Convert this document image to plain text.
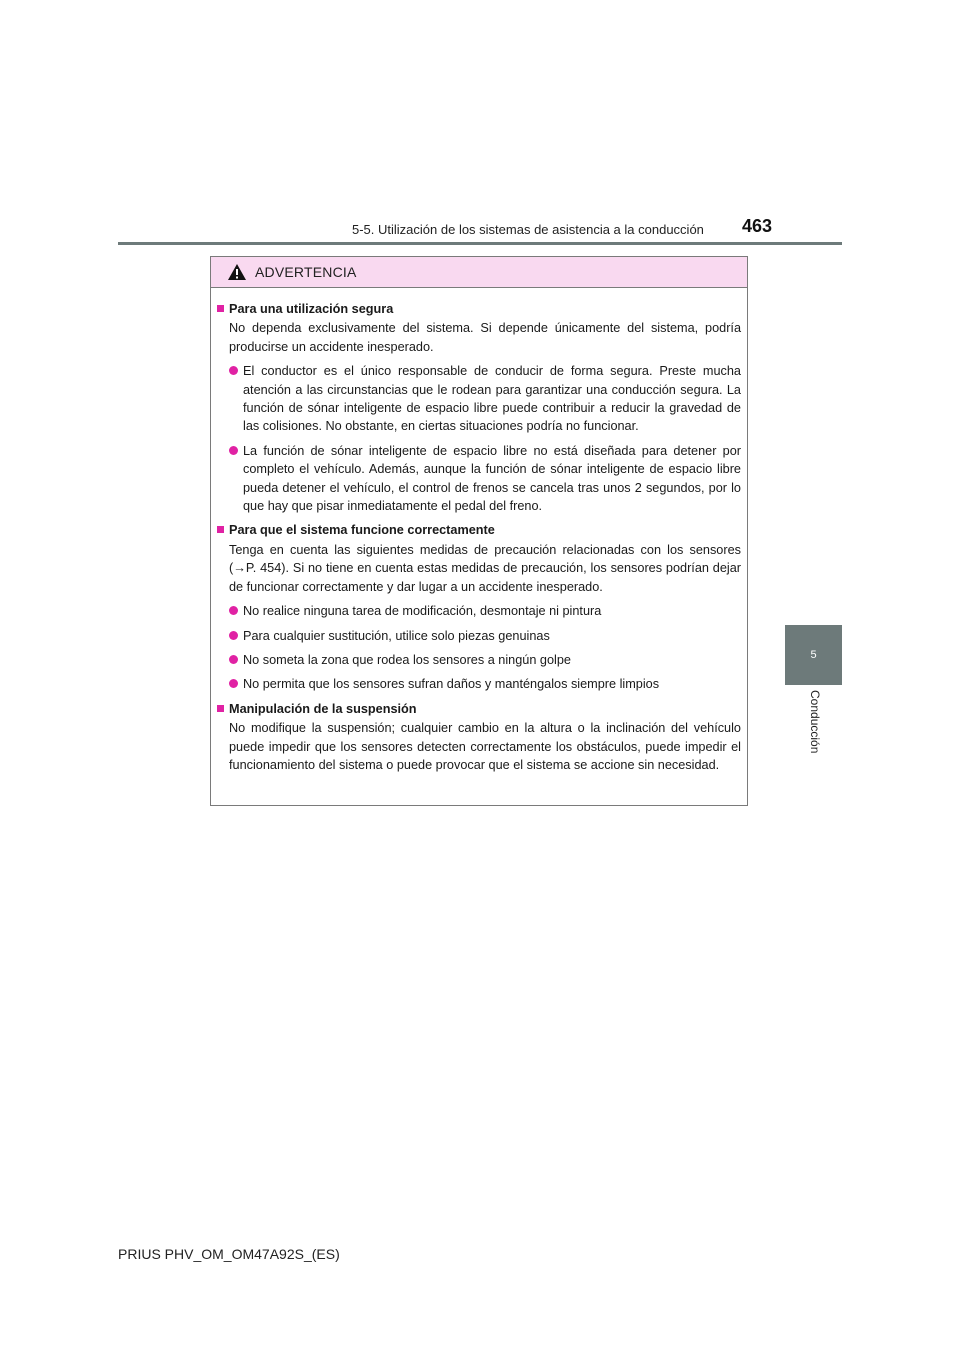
5-5. Utilización de los sistemas de asistencia a la conducción 463
5
Conducción
ADVERTENCIA
Para una utilización segura
No dependa exclusivamente del sistema. Si depende únicamente del sistema, podría producirse un accidente inesperado.
El conductor es el único responsable de conducir de forma segura. Preste mucha atención a las circunstancias que le rodean para garantizar una conducción segura. La función de sónar inteligente de espacio libre puede contribuir a reducir la gravedad de las colisiones. No obstante, en ciertas situaciones podría no funcionar.
La función de sónar inteligente de espacio libre no está diseñada para detener por completo el vehículo. Además, aunque la función de sónar inteligente de espacio libre pueda detener el vehículo, el control de frenos se cancela tras unos 2 segundos, por lo que hay que pisar inmediatamente el pedal del freno.
Para que el sistema funcione correctamente
Tenga en cuenta las siguientes medidas de precaución relacionadas con los sensores (→P. 454). Si no tiene en cuenta estas medidas de precaución, los sensores podrían dejar de funcionar correctamente y dar lugar a un accidente inesperado.
No realice ninguna tarea de modificación, desmontaje ni pintura
Para cualquier sustitución, utilice solo piezas genuinas
No someta la zona que rodea los sensores a ningún golpe
No permita que los sensores sufran daños y manténgalos siempre limpios
Manipulación de la suspensión
No modifique la suspensión; cualquier cambio en la altura o la inclinación del vehículo puede impedir que los sensores detecten correctamente los obstáculos, puede impedir el funcionamiento del sistema o puede provocar que el sistema se accione sin necesidad.
PRIUS PHV_OM_OM47A92S_(ES)
